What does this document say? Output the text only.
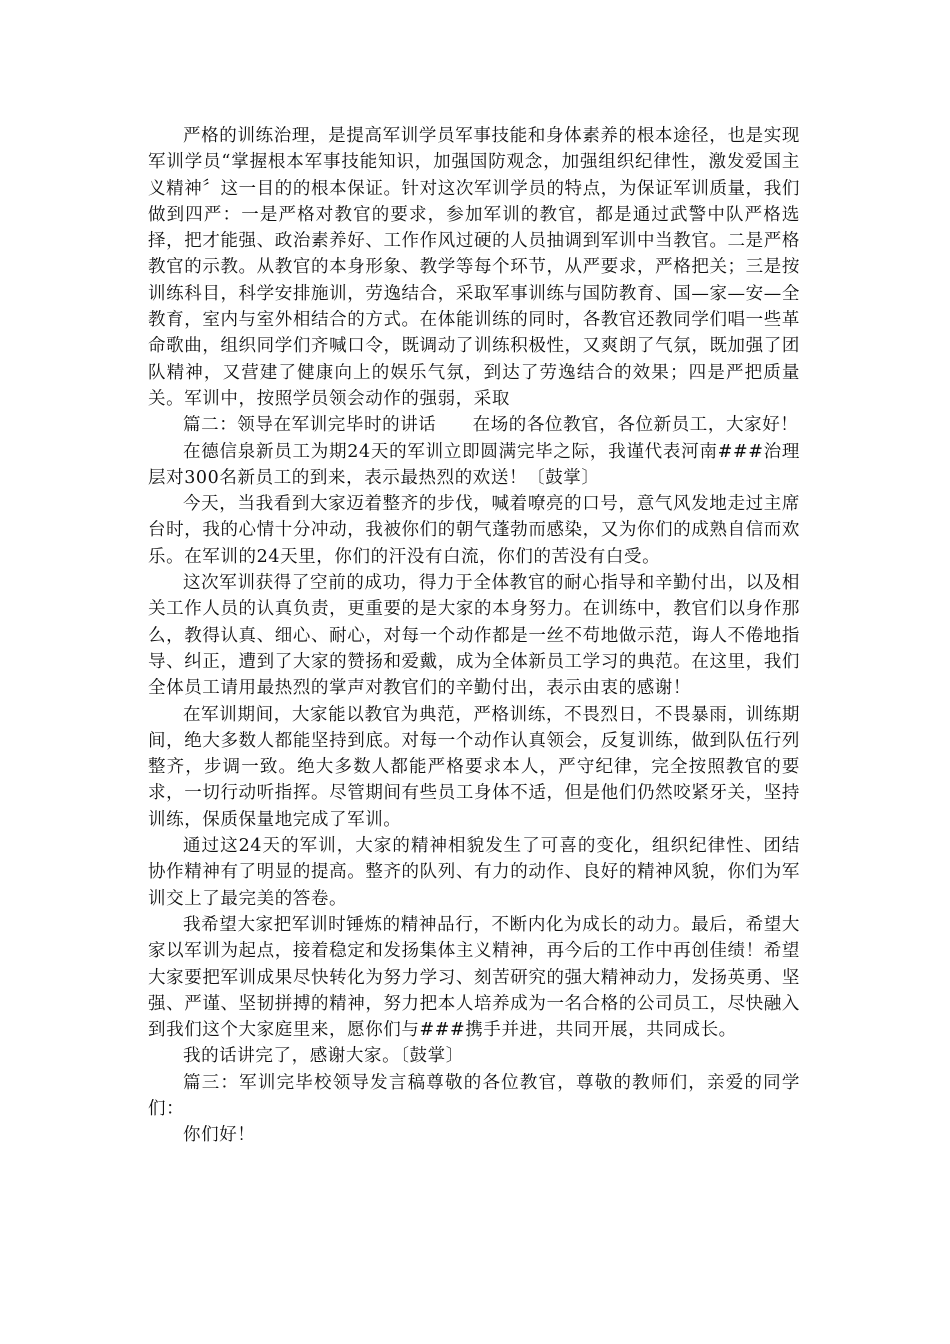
严格的训练治理，是提高军训学员军事技能和身体素养的根本途径，也是实现军训学员“掌握根本军事技能知识，加强国防观念，加强组织纪律性，激发爱国主义精神〞这一目的的根本保证。针对这次军训学员的特点，为保证军训质量，我们做到四严：一是严格对教官的要求，参加军训的教官，都是通过武警中队严格选择，把才能强、政治素养好、工作作风过硬的人员抽调到军训中当教官。二是严格教官的示教。从教官的本身形象、教学等每个环节，从严要求，严格把关；三是按训练科目，科学安排施训，劳逸结合，采取军事训练与国防教育、国—家—安—全教育，室内与室外相结合的方式。在体能训练的同时，各教官还教同学们唱一些革命歌曲，组织同学们齐喊口令，既调动了训练积极性，又爽朗了气氛，既加强了团队精神，又营建了健康向上的娱乐气氛，到达了劳逸结合的效果；四是严把质量关。军训中，按照学员领会动作的强弱，采取

篇二：领导在军训完毕时的讲话　　在场的各位教官，各位新员工，大家好！

在德信泉新员工为期24天的军训立即圆满完毕之际，我谨代表河南###治理层对300名新员工的到来，表示最热烈的欢送！〔鼓掌〕

今天，当我看到大家迈着整齐的步伐，喊着嘹亮的口号，意气风发地走过主席台时，我的心情十分冲动，我被你们的朝气蓬勃而感染，又为你们的成熟自信而欢乐。在军训的24天里，你们的汗没有白流，你们的苦没有白受。

这次军训获得了空前的成功，得力于全体教官的耐心指导和辛勤付出，以及相关工作人员的认真负责，更重要的是大家的本身努力。在训练中，教官们以身作那么，教得认真、细心、耐心，对每一个动作都是一丝不苟地做示范，诲人不倦地指导、纠正，遭到了大家的赞扬和爱戴，成为全体新员工学习的典范。在这里，我们全体员工请用最热烈的掌声对教官们的辛勤付出，表示由衷的感谢！

在军训期间，大家能以教官为典范，严格训练，不畏烈日，不畏暴雨，训练期间，绝大多数人都能坚持到底。对每一个动作认真领会，反复训练，做到队伍行列整齐，步调一致。绝大多数人都能严格要求本人，严守纪律，完全按照教官的要求，一切行动听指挥。尽管期间有些员工身体不适，但是他们仍然咬紧牙关，坚持训练，保质保量地完成了军训。

通过这24天的军训，大家的精神相貌发生了可喜的变化，组织纪律性、团结协作精神有了明显的提高。整齐的队列、有力的动作、良好的精神风貌，你们为军训交上了最完美的答卷。

我希望大家把军训时锤炼的精神品行，不断内化为成长的动力。最后，希望大家以军训为起点，接着稳定和发扬集体主义精神，再今后的工作中再创佳绩！希望大家要把军训成果尽快转化为努力学习、刻苦研究的强大精神动力，发扬英勇、坚强、严谨、坚韧拼搏的精神，努力把本人培养成为一名合格的公司员工，尽快融入到我们这个大家庭里来，愿你们与###携手并进，共同开展，共同成长。

我的话讲完了，感谢大家。〔鼓掌〕

篇三：军训完毕校领导发言稿尊敬的各位教官，尊敬的教师们，亲爱的同学们：

你们好！
